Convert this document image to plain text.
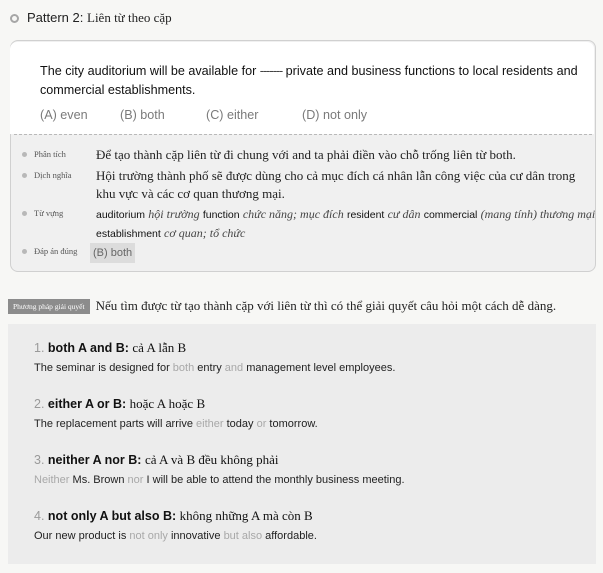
Pattern 2: Liên từ theo cặp
The city auditorium will be available for ------- private and business functions to local residents and commercial establishments.
(A) even	(B) both	(C) either	(D) not only
Phân tích Để tạo thành cặp liên từ đi chung với and ta phải điền vào chỗ trống liên từ both.
Dịch nghĩa Hội trường thành phố sẽ được dùng cho cả mục đích cá nhân lẫn công việc của cư dân trong khu vực và các cơ quan thương mại.
Từ vựng	auditorium hội trường function chức năng; mục đích resident cư dân commercial (mang tính) thương mại establishment cơ quan; tổ chức
Đáp án đúng (B) both
Phương pháp giải quyết Nếu tìm được từ tạo thành cặp với liên từ thì có thể giải quyết câu hỏi một cách dễ dàng.
1. both A and B: cả A lẫn B
The seminar is designed for both entry and management level employees.
2. either A or B: hoặc A hoặc B
The replacement parts will arrive either today or tomorrow.
3. neither A nor B: cả A và B đều không phải
Neither Ms. Brown nor I will be able to attend the monthly business meeting.
4. not only A but also B: không những A mà còn B
Our new product is not only innovative but also affordable.
